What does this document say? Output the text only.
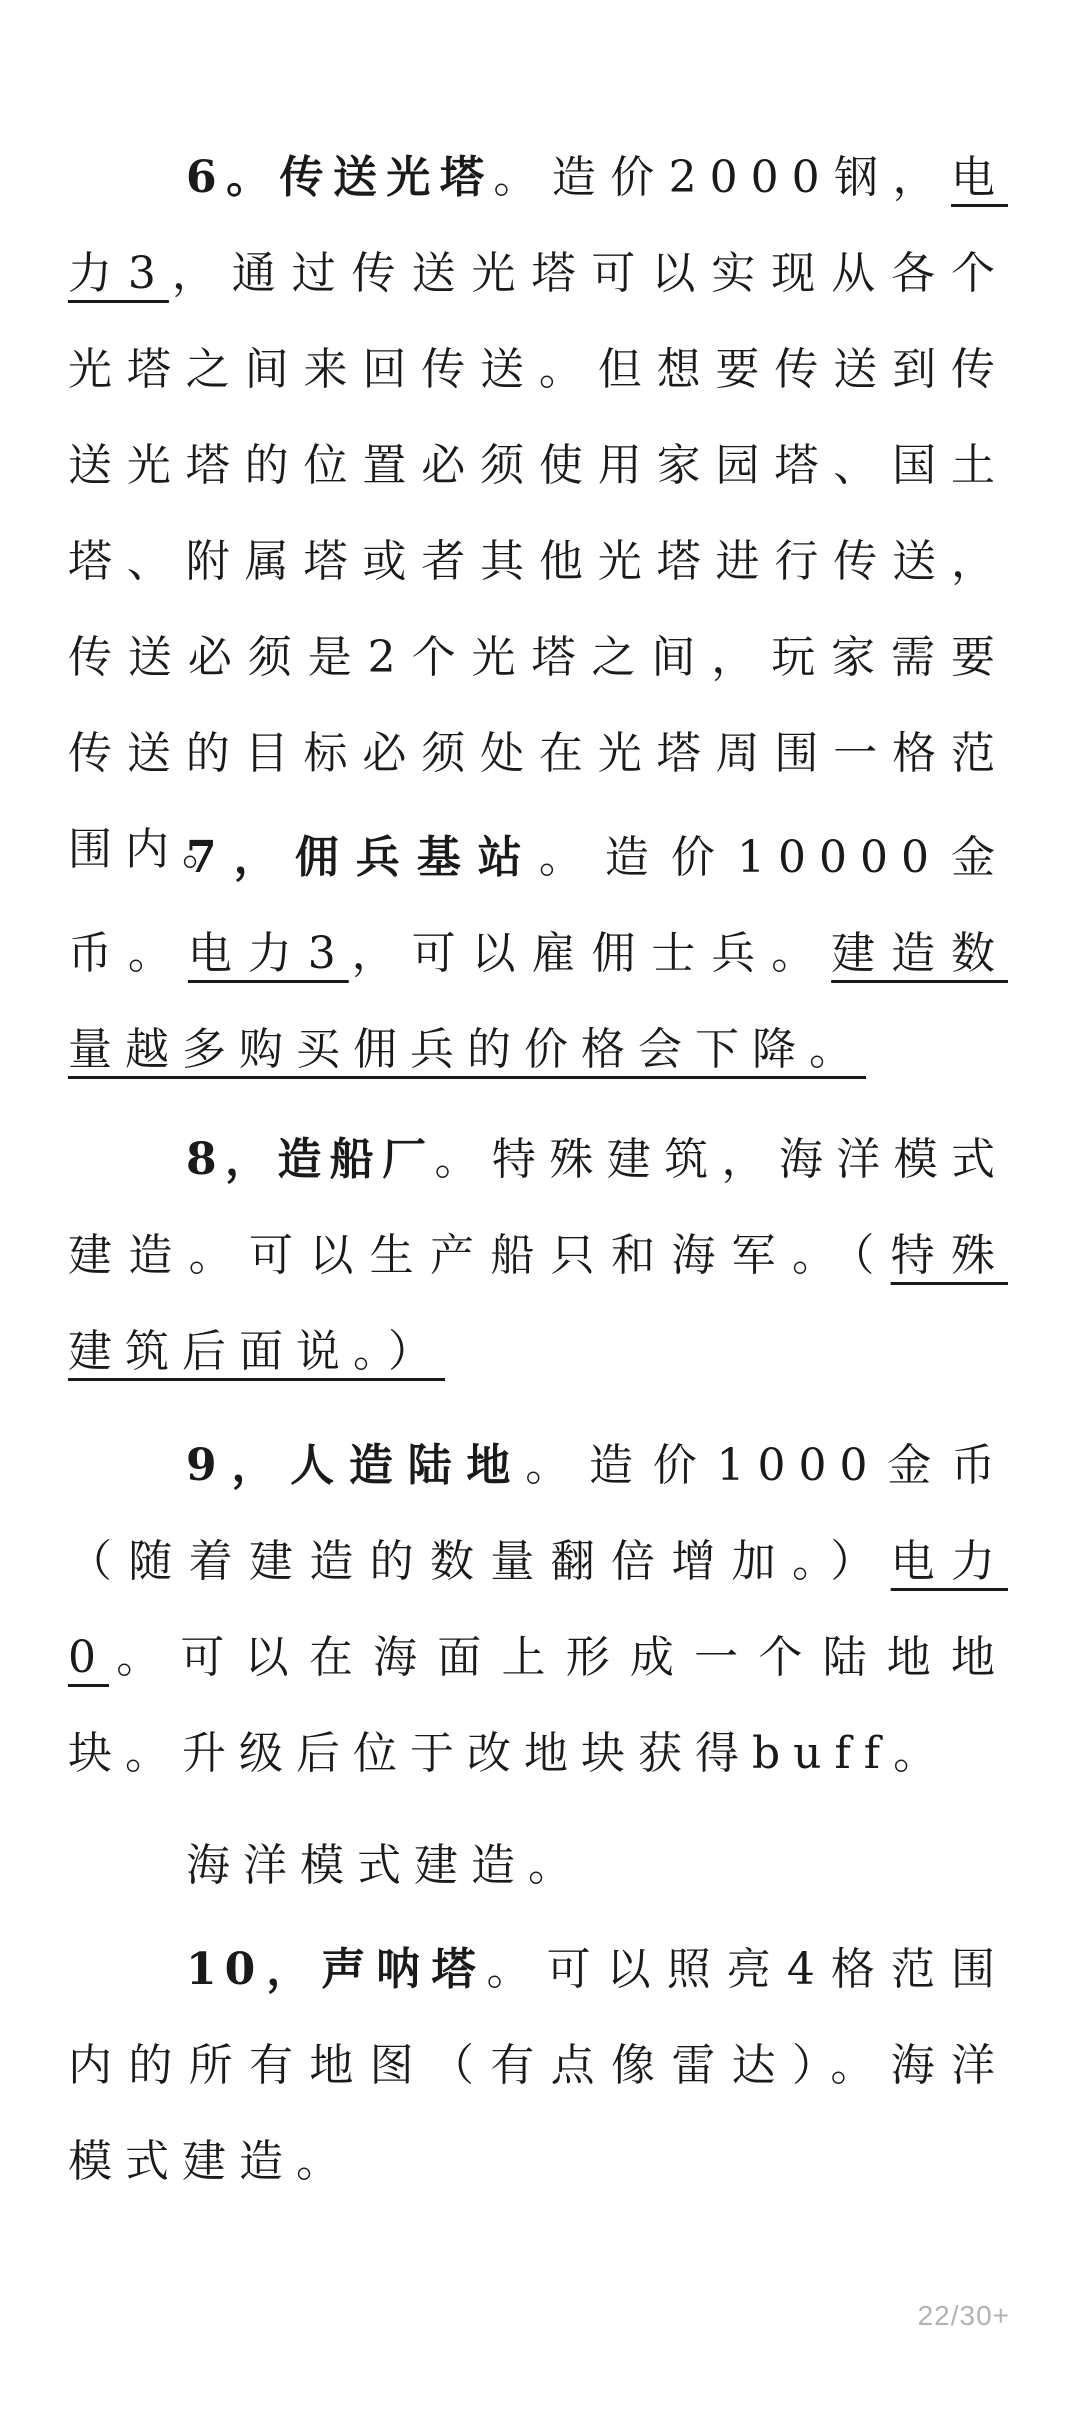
6。传送光塔。造价2000钢，电力3，通过传送光塔可以实现从各个光塔之间来回传送。但想要传送到传送光塔的位置必须使用家园塔、国土塔、附属塔或者其他光塔进行传送，传送必须是2个光塔之间，玩家需要传送的目标必须处在光塔周围一格范围内。

7，佣兵基站。造价10000金币。电力3，可以雇佣士兵。建造数量越多购买佣兵的价格会下降。

8，造船厂。特殊建筑，海洋模式建造。可以生产船只和海军。（特殊建筑后面说。）

9，人造陆地。造价1000金币（随着建造的数量翻倍增加。）电力0。可以在海面上形成一个陆地地块。升级后位于改地块获得buff。

海洋模式建造。

10，声呐塔。可以照亮4格范围内的所有地图（有点像雷达）。海洋模式建造。

22/30+
